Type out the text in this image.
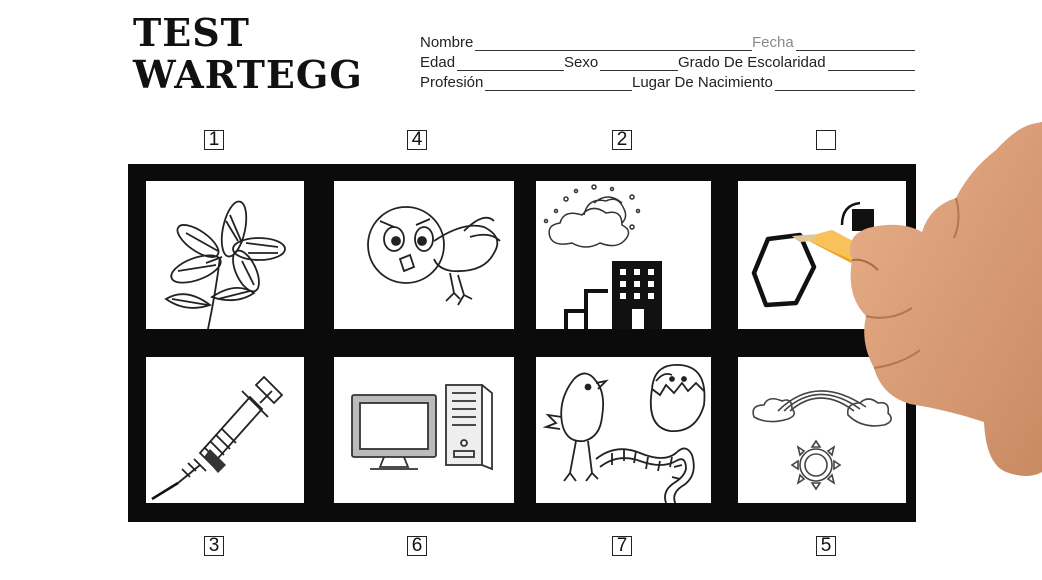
TEST
WARTEGG
Nombre	Fecha
Edad	Sexo	Grado De Escolaridad
Profesión	Lugar De Nacimiento
1	4	2
3	6	7	5
